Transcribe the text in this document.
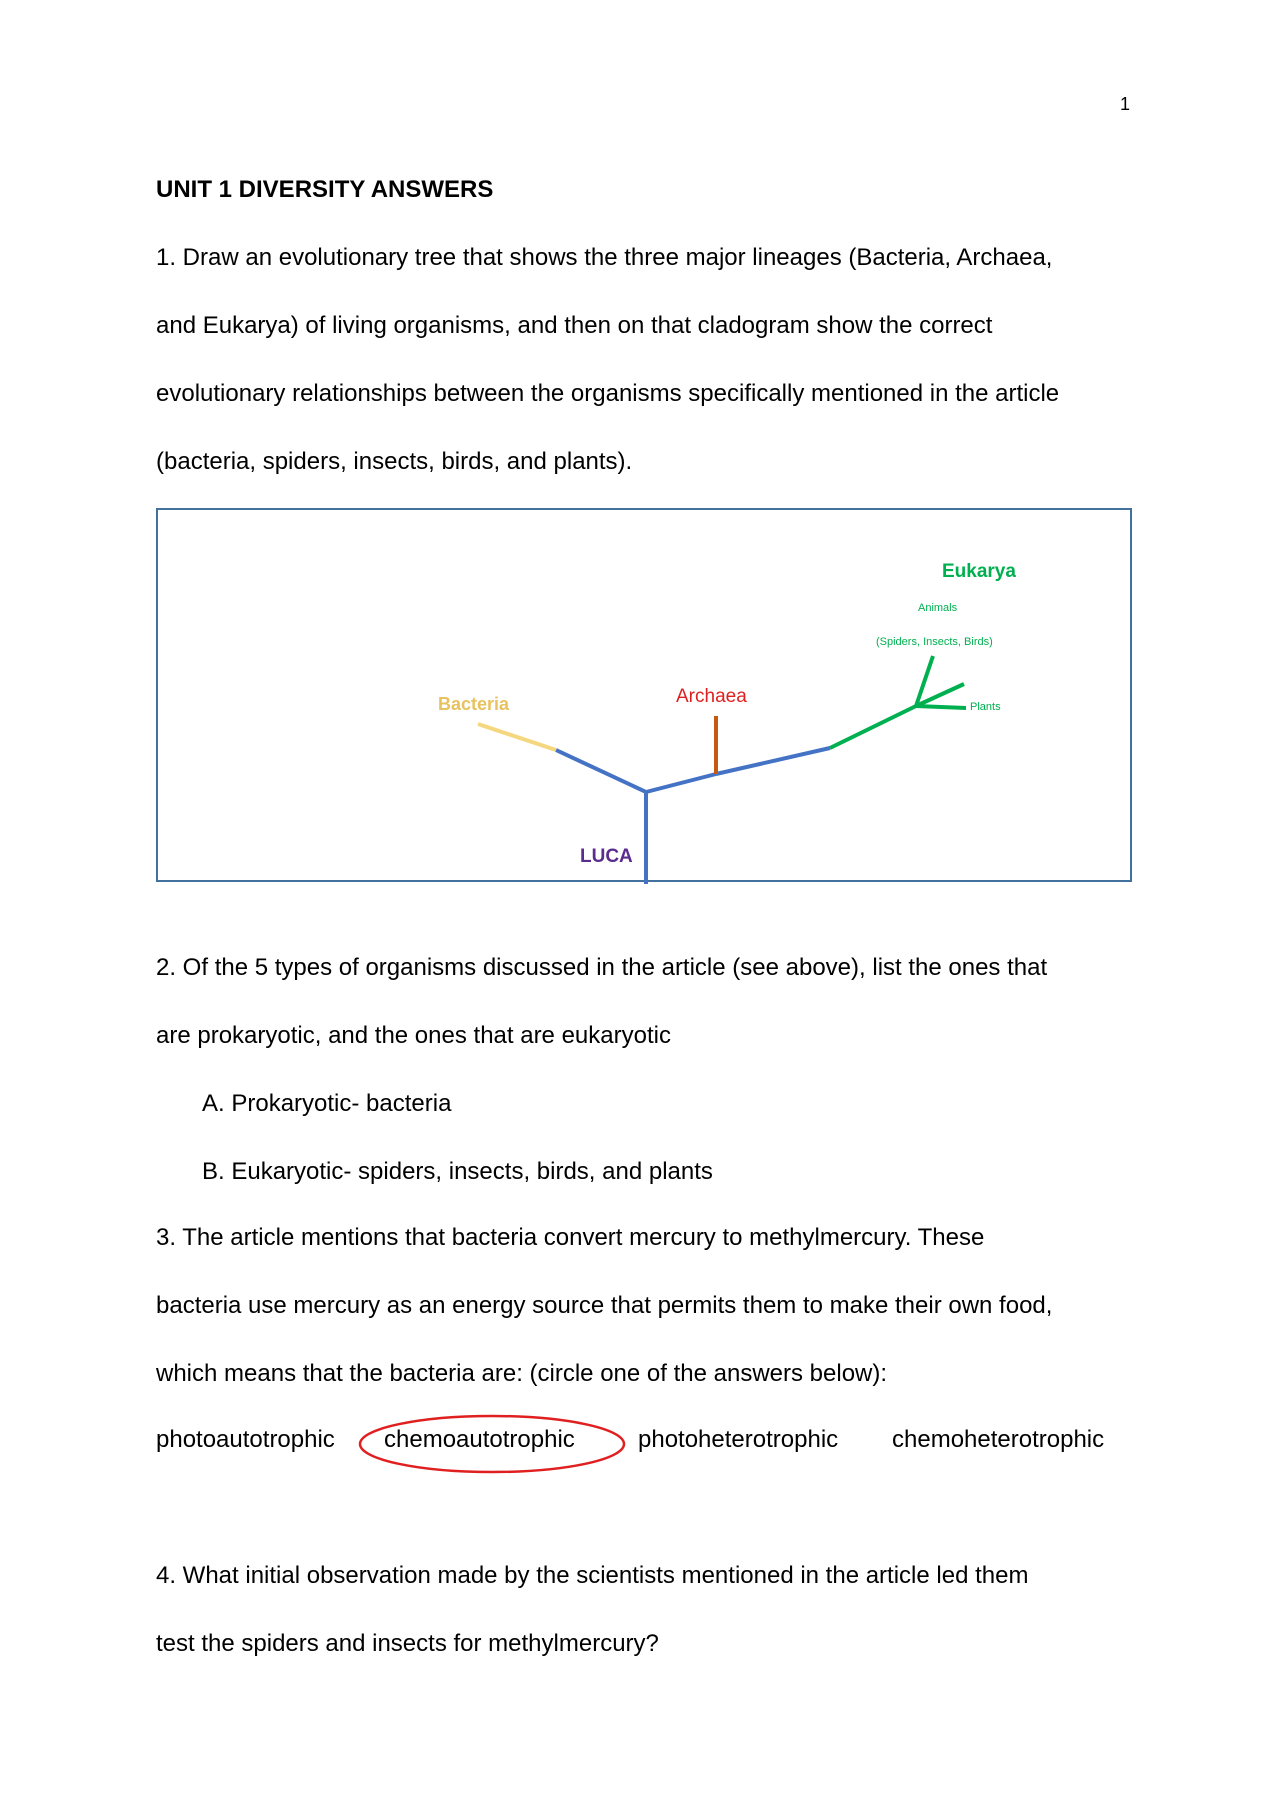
1
UNIT 1 DIVERSITY ANSWERS
1. Draw an evolutionary tree that shows the three major lineages (Bacteria, Archaea,
and Eukarya) of living organisms, and then on that cladogram show the correct
evolutionary relationships between the organisms specifically mentioned in the article
(bacteria, spiders, insects, birds, and plants).
Eukarya
Animals
(Spiders, Insects, Birds)
Plants
Archaea
Bacteria
LUCA
2. Of the 5 types of organisms discussed in the article (see above), list the ones that
are prokaryotic, and the ones that are eukaryotic
A. Prokaryotic- bacteria
B. Eukaryotic- spiders, insects, birds, and plants
3. The article mentions that bacteria convert mercury to methylmercury. These
bacteria use mercury as an energy source that permits them to make their own food,
which means that the bacteria are: (circle one of the answers below):
photoautotrophic chemoautotrophic	photoheterotrophic chemoheterotrophic
4. What initial observation made by the scientists mentioned in the article led them
test the spiders and insects for methylmercury?
